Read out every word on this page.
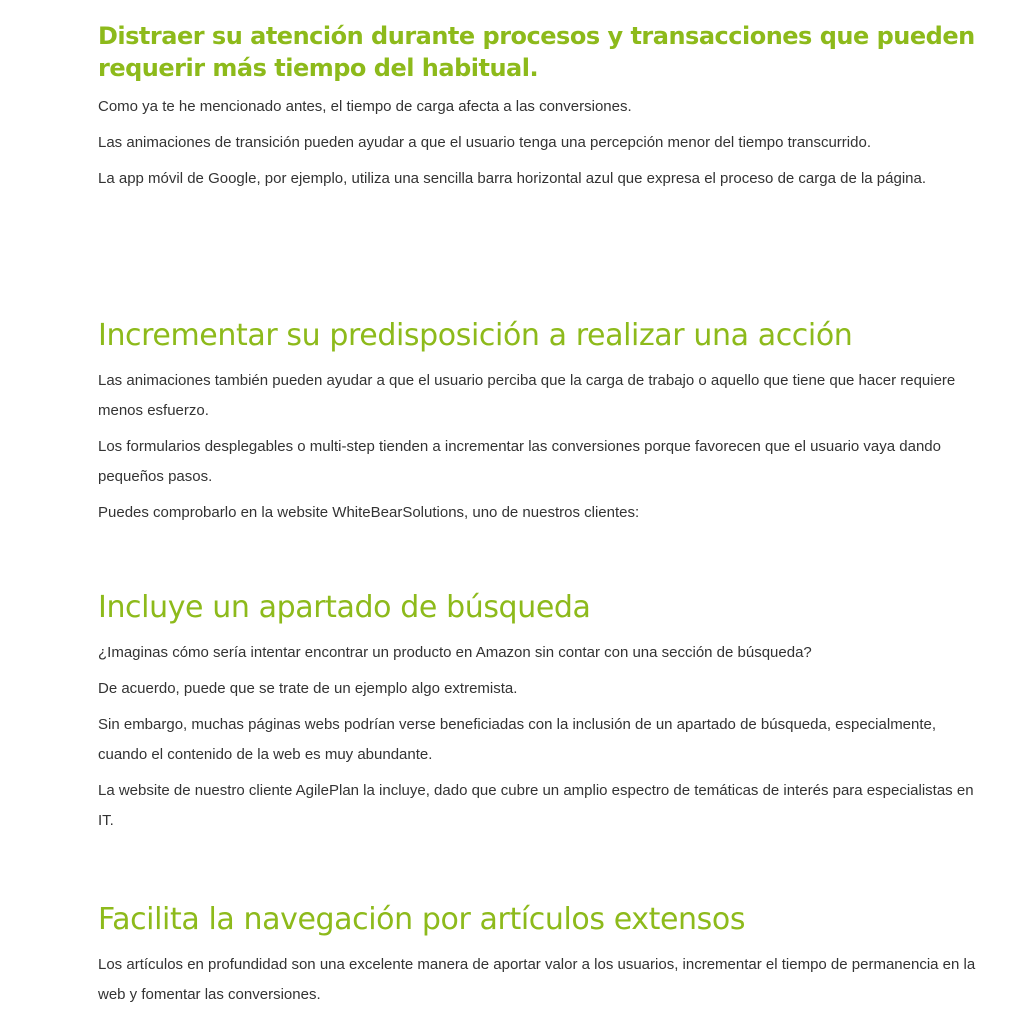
Distraer su atención durante procesos y transacciones que pueden requerir más tiempo del habitual.

Como ya te he mencionado antes, el tiempo de carga afecta a las conversiones.

Las animaciones de transición pueden ayudar a que el usuario tenga una percepción menor del tiempo transcurrido.

La app móvil de Google, por ejemplo, utiliza una sencilla barra horizontal azul que expresa el proceso de carga de la página.

Incrementar su predisposición a realizar una acción

Las animaciones también pueden ayudar a que el usuario perciba que la carga de trabajo o aquello que tiene que hacer requiere menos esfuerzo.

Los formularios desplegables o multi-step tienden a incrementar las conversiones porque favorecen que el usuario vaya dando pequeños pasos.

Puedes comprobarlo en la website WhiteBearSolutions, uno de nuestros clientes:

Incluye un apartado de búsqueda

¿Imaginas cómo sería intentar encontrar un producto en Amazon sin contar con una sección de búsqueda?

De acuerdo, puede que se trate de un ejemplo algo extremista.

Sin embargo, muchas páginas webs podrían verse beneficiadas con la inclusión de un apartado de búsqueda, especialmente, cuando el contenido de la web es muy abundante.

La website de nuestro cliente AgilePlan la incluye, dado que cubre un amplio espectro de temáticas de interés para especialistas en IT.

Facilita la navegación por artículos extensos

Los artículos en profundidad son una excelente manera de aportar valor a los usuarios, incrementar el tiempo de permanencia en la web y fomentar las conversiones.
